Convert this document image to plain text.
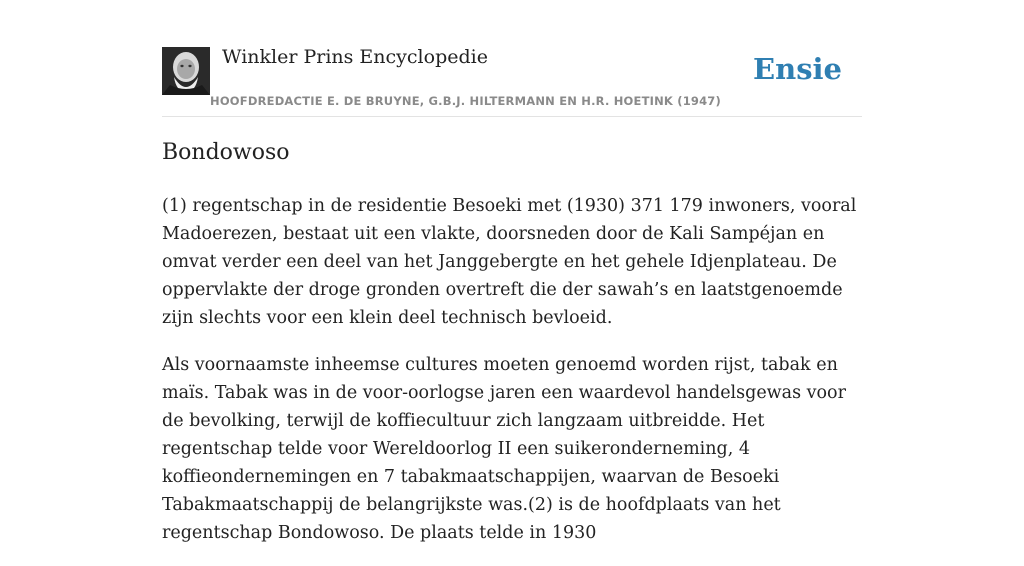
Winkler Prins Encyclopedie
HOOFDREDACTIE E. DE BRUYNE, G.B.J. HILTERMANN EN H.R. HOETINK (1947)
Ensie
Bondowoso

(1) regentschap in de residentie Besoeki met (1930) 371 179 inwoners, vooral Madoerezen, bestaat uit een vlakte, doorsneden door de Kali Sampéjan en omvat verder een deel van het Janggebergte en het gehele Idjenplateau. De oppervlakte der droge gronden overtreft die der sawah’s en laatstgenoemde zijn slechts voor een klein deel technisch bevloeid.

Als voornaamste inheemse cultures moeten genoemd worden rijst, tabak en maïs. Tabak was in de voor-oorlogse jaren een waardevol handelsgewas voor de bevolking, terwijl de koffiecultuur zich langzaam uitbreidde. Het regentschap telde voor Wereldoorlog II een suikeronderneming, 4 koffieondernemingen en 7 tabakmaatschappijen, waarvan de Besoeki Tabakmaatschappij de belangrijkste was.(2) is de hoofdplaats van het regentschap Bondowoso. De plaats telde in 1930
